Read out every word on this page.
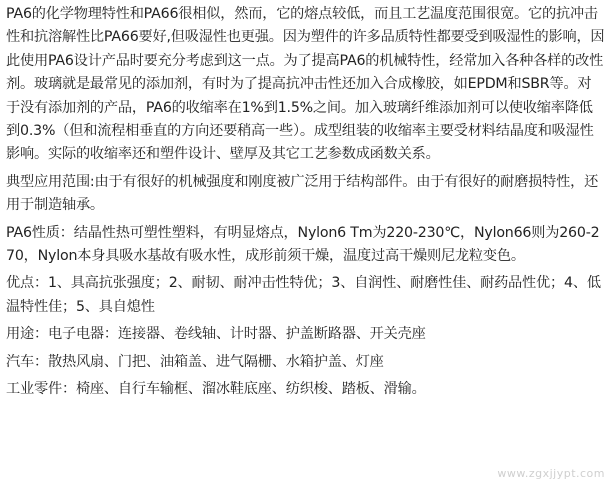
PA6的化学物理特性和PA66很相似，然而，它的熔点较低，而且工艺温度范围很宽。它的抗冲击性和抗溶解性比PA66要好,但吸湿性也更强。因为塑件的许多品质特性都要受到吸湿性的影响，因此使用PA6设计产品时要充分考虑到这一点。为了提高PA6的机械特性，经常加入各种各样的改性剂。玻璃就是最常见的添加剂，有时为了提高抗冲击性还加入合成橡胶，如EPDM和SBR等。对于没有添加剂的产品，PA6的收缩率在1%到1.5%之间。加入玻璃纤维添加剂可以使收缩率降低到0.3%（但和流程相垂直的方向还要稍高一些）。成型组装的收缩率主要受材料结晶度和吸湿性影响。实际的收缩率还和塑件设计、壁厚及其它工艺参数成函数关系。

典型应用范围:由于有很好的机械强度和刚度被广泛用于结构部件。由于有很好的耐磨损特性，还用于制造轴承。

PA6性质：结晶性热可塑性塑料，有明显熔点，Nylon6 Tm为220-230℃，Nylon66则为260-270，Nylon本身具吸水基故有吸水性，成形前须干燥，温度过高干燥则尼龙粒变色。

优点：1、具高抗张强度；2、耐韧、耐冲击性特优；3、自润性、耐磨性佳、耐药品性优；4、低温特性佳；5、具自熄性

用途：电子电器：连接器、卷线轴、计时器、护盖断路器、开关壳座

汽车：散热风扇、门把、油箱盖、进气隔栅、水箱护盖、灯座

工业零件：椅座、自行车输框、溜冰鞋底座、纺织梭、踏板、滑输。

www.zgxjjypt.com
